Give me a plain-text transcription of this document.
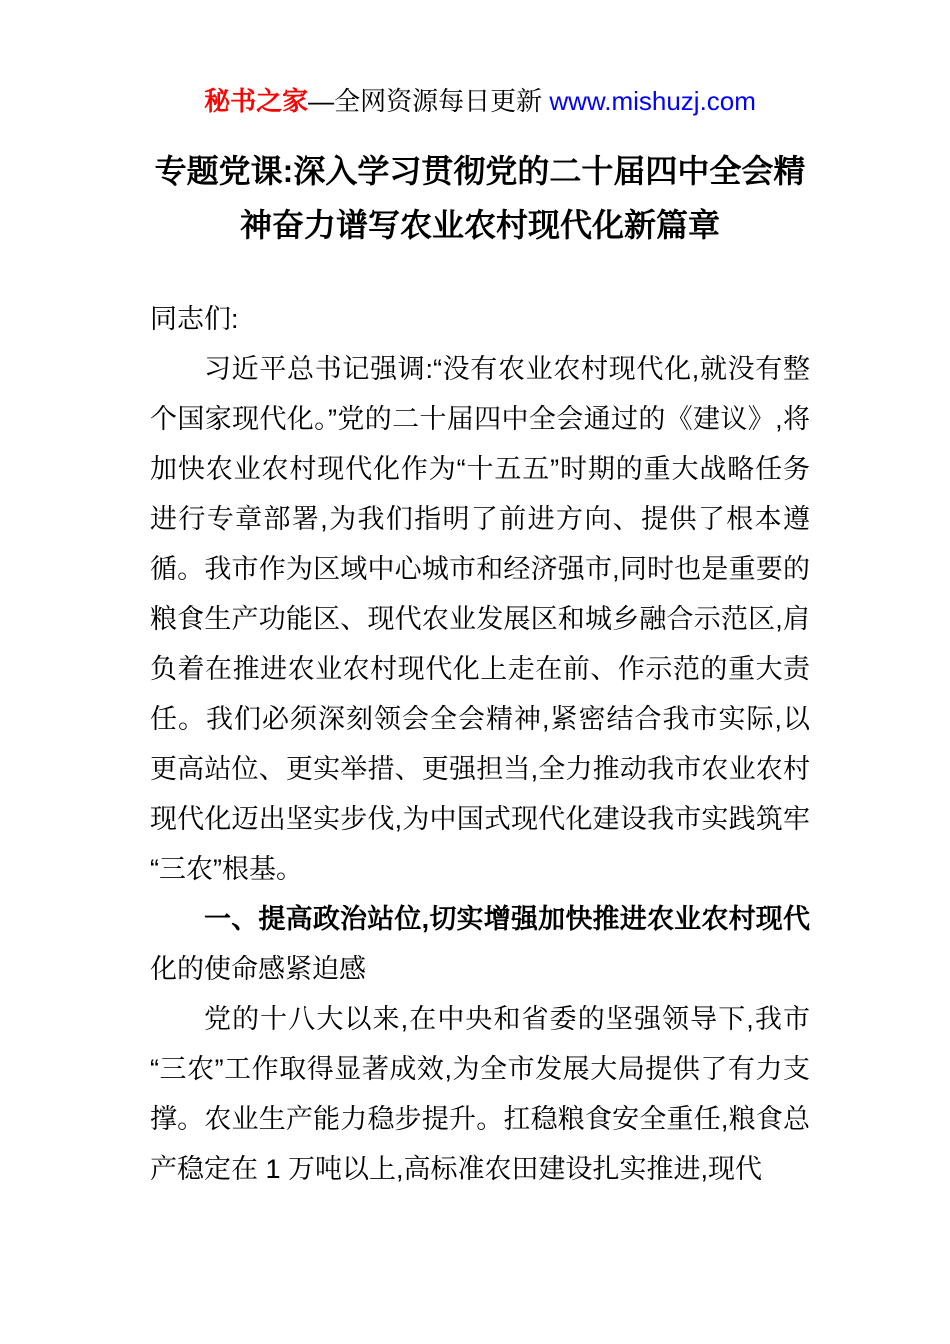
秘书之家—全网资源每日更新 www.mishuzj.com
专题党课:深入学习贯彻党的二十届四中全会精神奋力谱写农业农村现代化新篇章

同志们:

习近平总书记强调:“没有农业农村现代化,就没有整个国家现代化。”党的二十届四中全会通过的《建议》,将加快农业农村现代化作为“十五五”时期的重大战略任务进行专章部署,为我们指明了前进方向、提供了根本遵循。我市作为区域中心城市和经济强市,同时也是重要的粮食生产功能区、现代农业发展区和城乡融合示范区,肩负着在推进农业农村现代化上走在前、作示范的重大责任。我们必须深刻领会全会精神,紧密结合我市实际,以更高站位、更实举措、更强担当,全力推动我市农业农村现代化迈出坚实步伐,为中国式现代化建设我市实践筑牢“三农”根基。

一、提高政治站位,切实增强加快推进农业农村现代化的使命感紧迫感

党的十八大以来,在中央和省委的坚强领导下,我市“三农”工作取得显著成效,为全市发展大局提供了有力支撑。农业生产能力稳步提升。扛稳粮食安全重任,粮食总产稳定在 1 万吨以上,高标准农田建设扎实推进,现代
